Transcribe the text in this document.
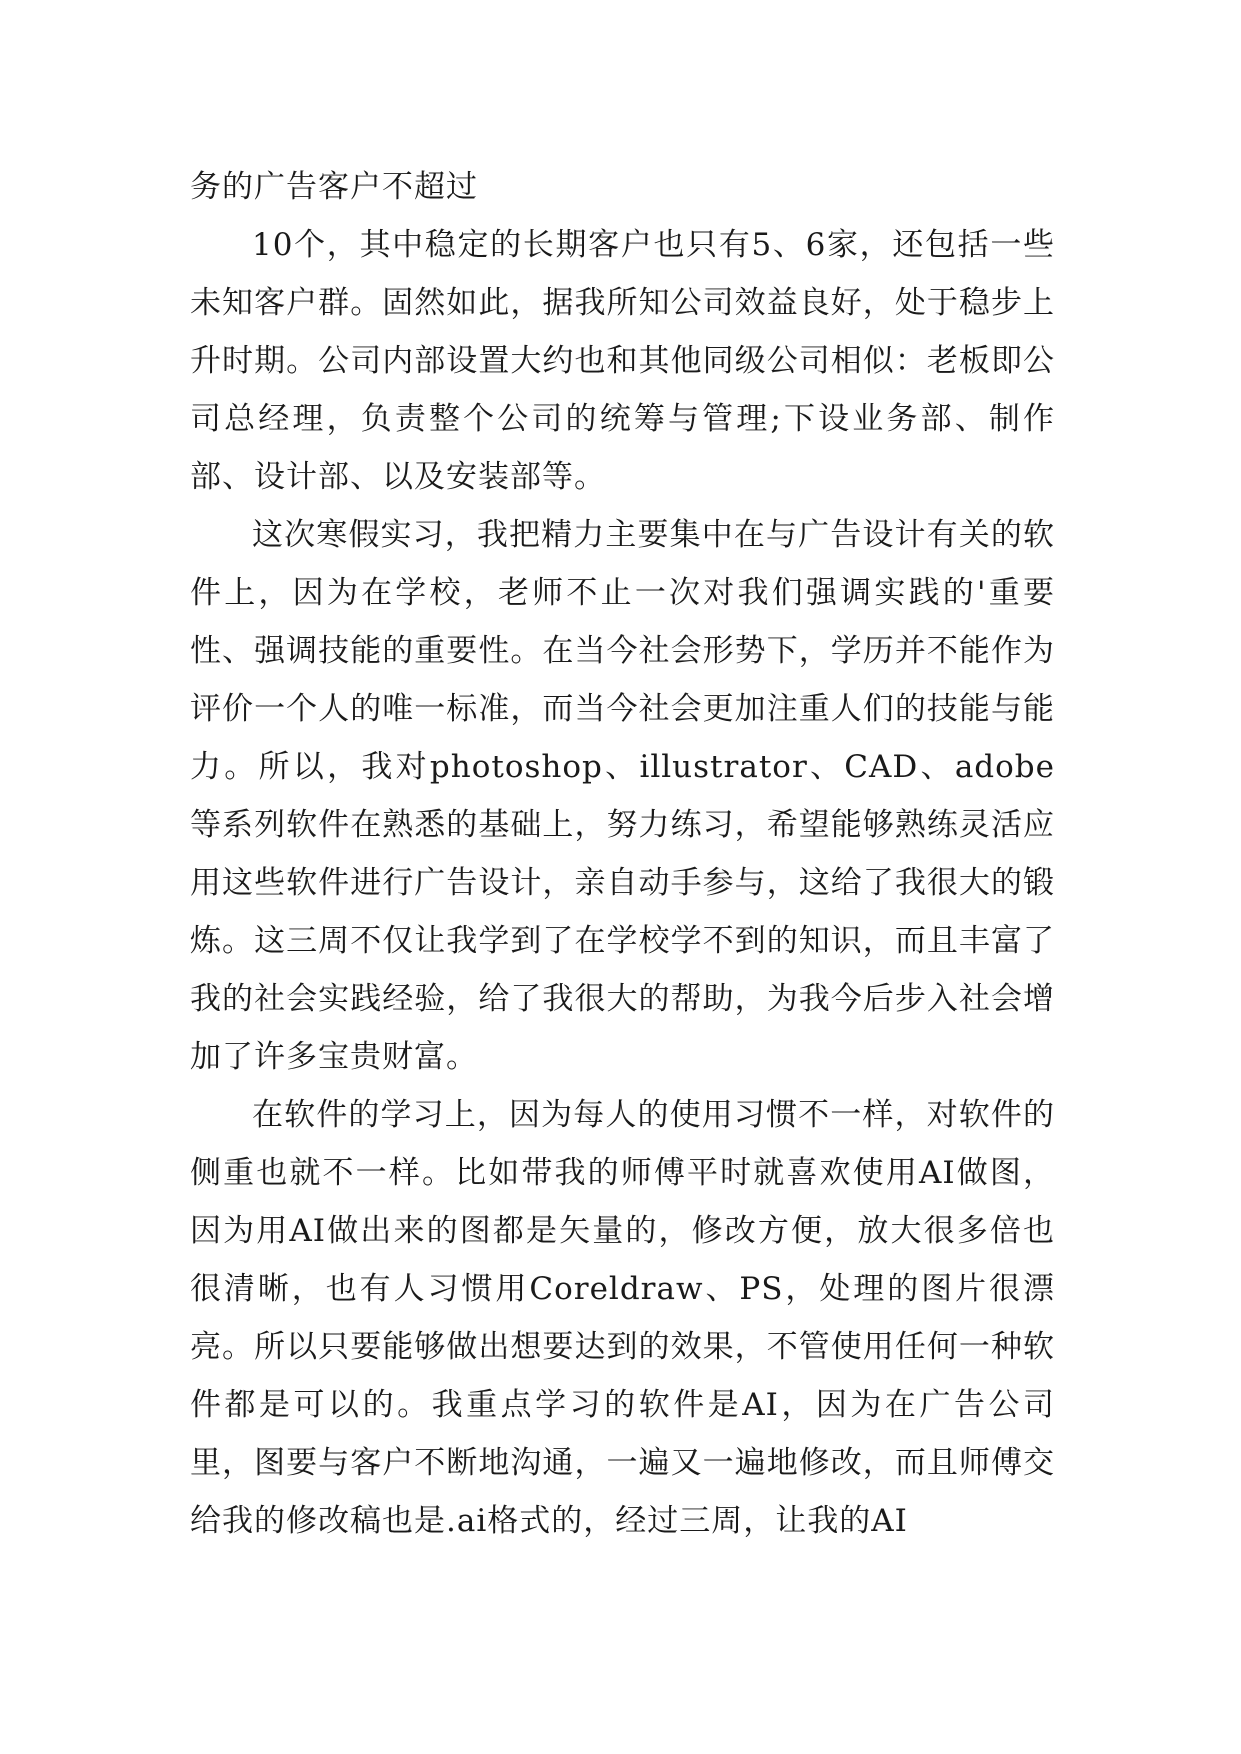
务的广告客户不超过

10个，其中稳定的长期客户也只有5、6家，还包括一些未知客户群。固然如此，据我所知公司效益良好，处于稳步上升时期。公司内部设置大约也和其他同级公司相似：老板即公司总经理，负责整个公司的统筹与管理;下设业务部、制作部、设计部、以及安装部等。

这次寒假实习，我把精力主要集中在与广告设计有关的软件上，因为在学校，老师不止一次对我们强调实践的'重要性、强调技能的重要性。在当今社会形势下，学历并不能作为评价一个人的唯一标准，而当今社会更加注重人们的技能与能力。所以，我对photoshop、illustrator、CAD、adobe等系列软件在熟悉的基础上，努力练习，希望能够熟练灵活应用这些软件进行广告设计，亲自动手参与，这给了我很大的锻炼。这三周不仅让我学到了在学校学不到的知识，而且丰富了我的社会实践经验，给了我很大的帮助，为我今后步入社会增加了许多宝贵财富。

在软件的学习上，因为每人的使用习惯不一样，对软件的侧重也就不一样。比如带我的师傅平时就喜欢使用AI做图，因为用AI做出来的图都是矢量的，修改方便，放大很多倍也很清晰，也有人习惯用Coreldraw、PS，处理的图片很漂亮。所以只要能够做出想要达到的效果，不管使用任何一种软件都是可以的。我重点学习的软件是AI，因为在广告公司里，图要与客户不断地沟通，一遍又一遍地修改，而且师傅交给我的修改稿也是.ai格式的，经过三周，让我的AI
